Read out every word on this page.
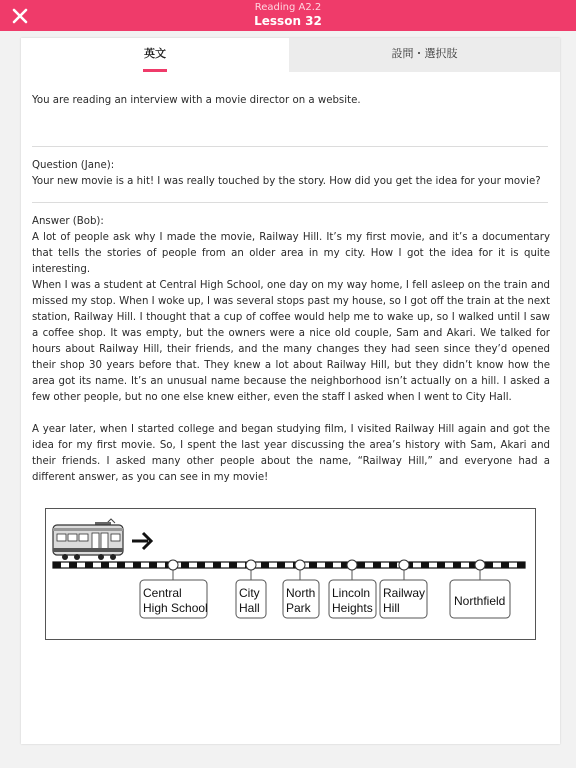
Reading A2.2
Lesson 32
英文	設問・選択肢

You are reading an interview with a movie director on a website.

Question (Jane):

Your new movie is a hit! I was really touched by the story. How did you get the idea for your movie?

Answer (Bob):

A lot of people ask why I made the movie, Railway Hill. It’s my first movie, and it’s a documentary that tells the stories of people from an older area in my city. How I got the idea for it is quite interesting.

When I was a student at Central High School, one day on my way home, I fell asleep on the train and missed my stop. When I woke up, I was several stops past my house, so I got off the train at the next station, Railway Hill. I thought that a cup of coffee would help me to wake up, so I walked until I saw a coffee shop. It was empty, but the owners were a nice old couple, Sam and Akari. We talked for hours about Railway Hill, their friends, and the many changes they had seen since they’d opened their shop 30 years before that. They knew a lot about Railway Hill, but they didn’t know how the area got its name. It’s an unusual name because the neighborhood isn’t actually on a hill. I asked a few other people, but no one else knew either, even the staff I asked when I went to City Hall.

A year later, when I started college and began studying film, I visited Railway Hill again and got the idea for my first movie. So, I spent the last year discussing the area’s history with Sam, Akari and their friends. I asked many other people about the name, “Railway Hill,” and everyone had a different answer, as you can see in my movie!

Central
High School
City
Hall
North
Park
Lincoln
Heights
Railway
Hill	Northfield
